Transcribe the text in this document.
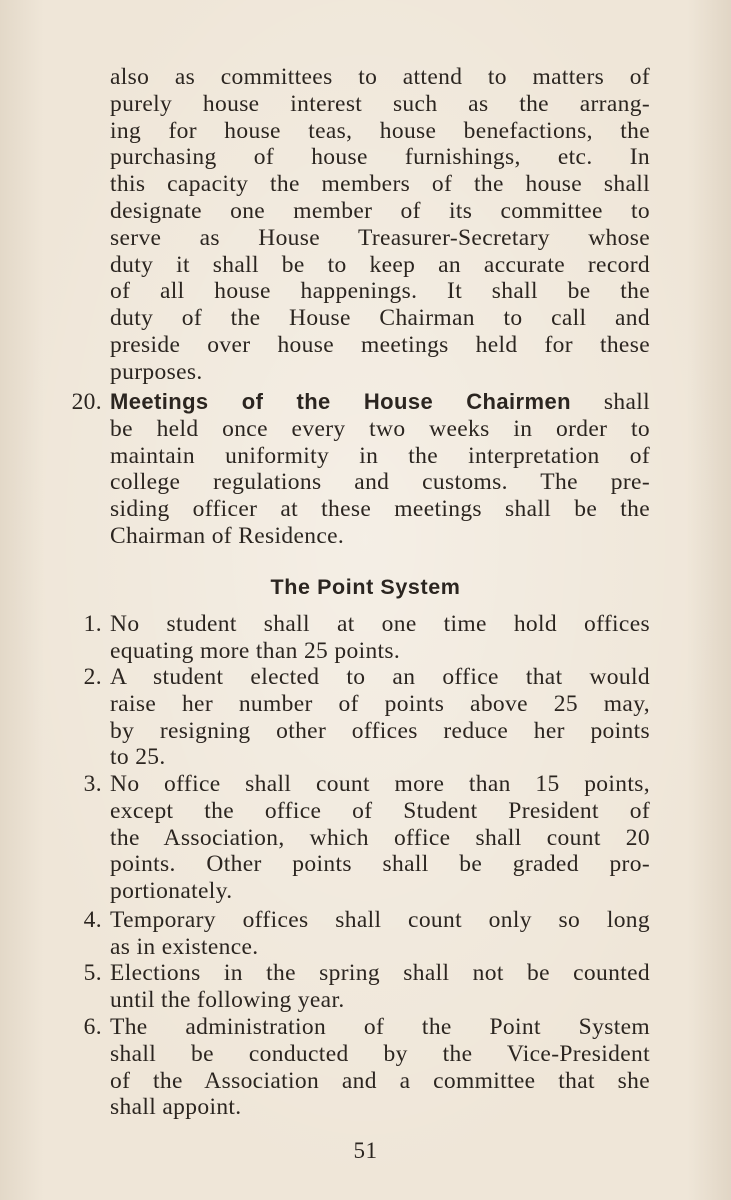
also as committees to attend to matters of
purely house interest such as the arrang-
ing for house teas, house benefactions, the
purchasing of house furnishings, etc. In
this capacity the members of the house shall
designate one member of its committee to
serve as House Treasurer-Secretary whose
duty it shall be to keep an accurate record
of all house happenings. It shall be the
duty of the House Chairman to call and
preside over house meetings held for these
purposes.
20. Meetings of the House Chairmen shall
be held once every two weeks in order to
maintain uniformity in the interpretation of
college regulations and customs. The pre-
siding officer at these meetings shall be the
Chairman of Residence.
The Point System
1. No student shall at one time hold offices
equating more than 25 points.
2. A student elected to an office that would
raise her number of points above 25 may,
by resigning other offices reduce her points
to 25.
3. No office shall count more than 15 points,
except the office of Student President of
the Association, which office shall count 20
points. Other points shall be graded pro-
portionately.
4. Temporary offices shall count only so long
as in existence.
5. Elections in the spring shall not be counted
until the following year.
6. The administration of the Point System
shall be conducted by the Vice-President
of the Association and a committee that she
shall appoint.
51
